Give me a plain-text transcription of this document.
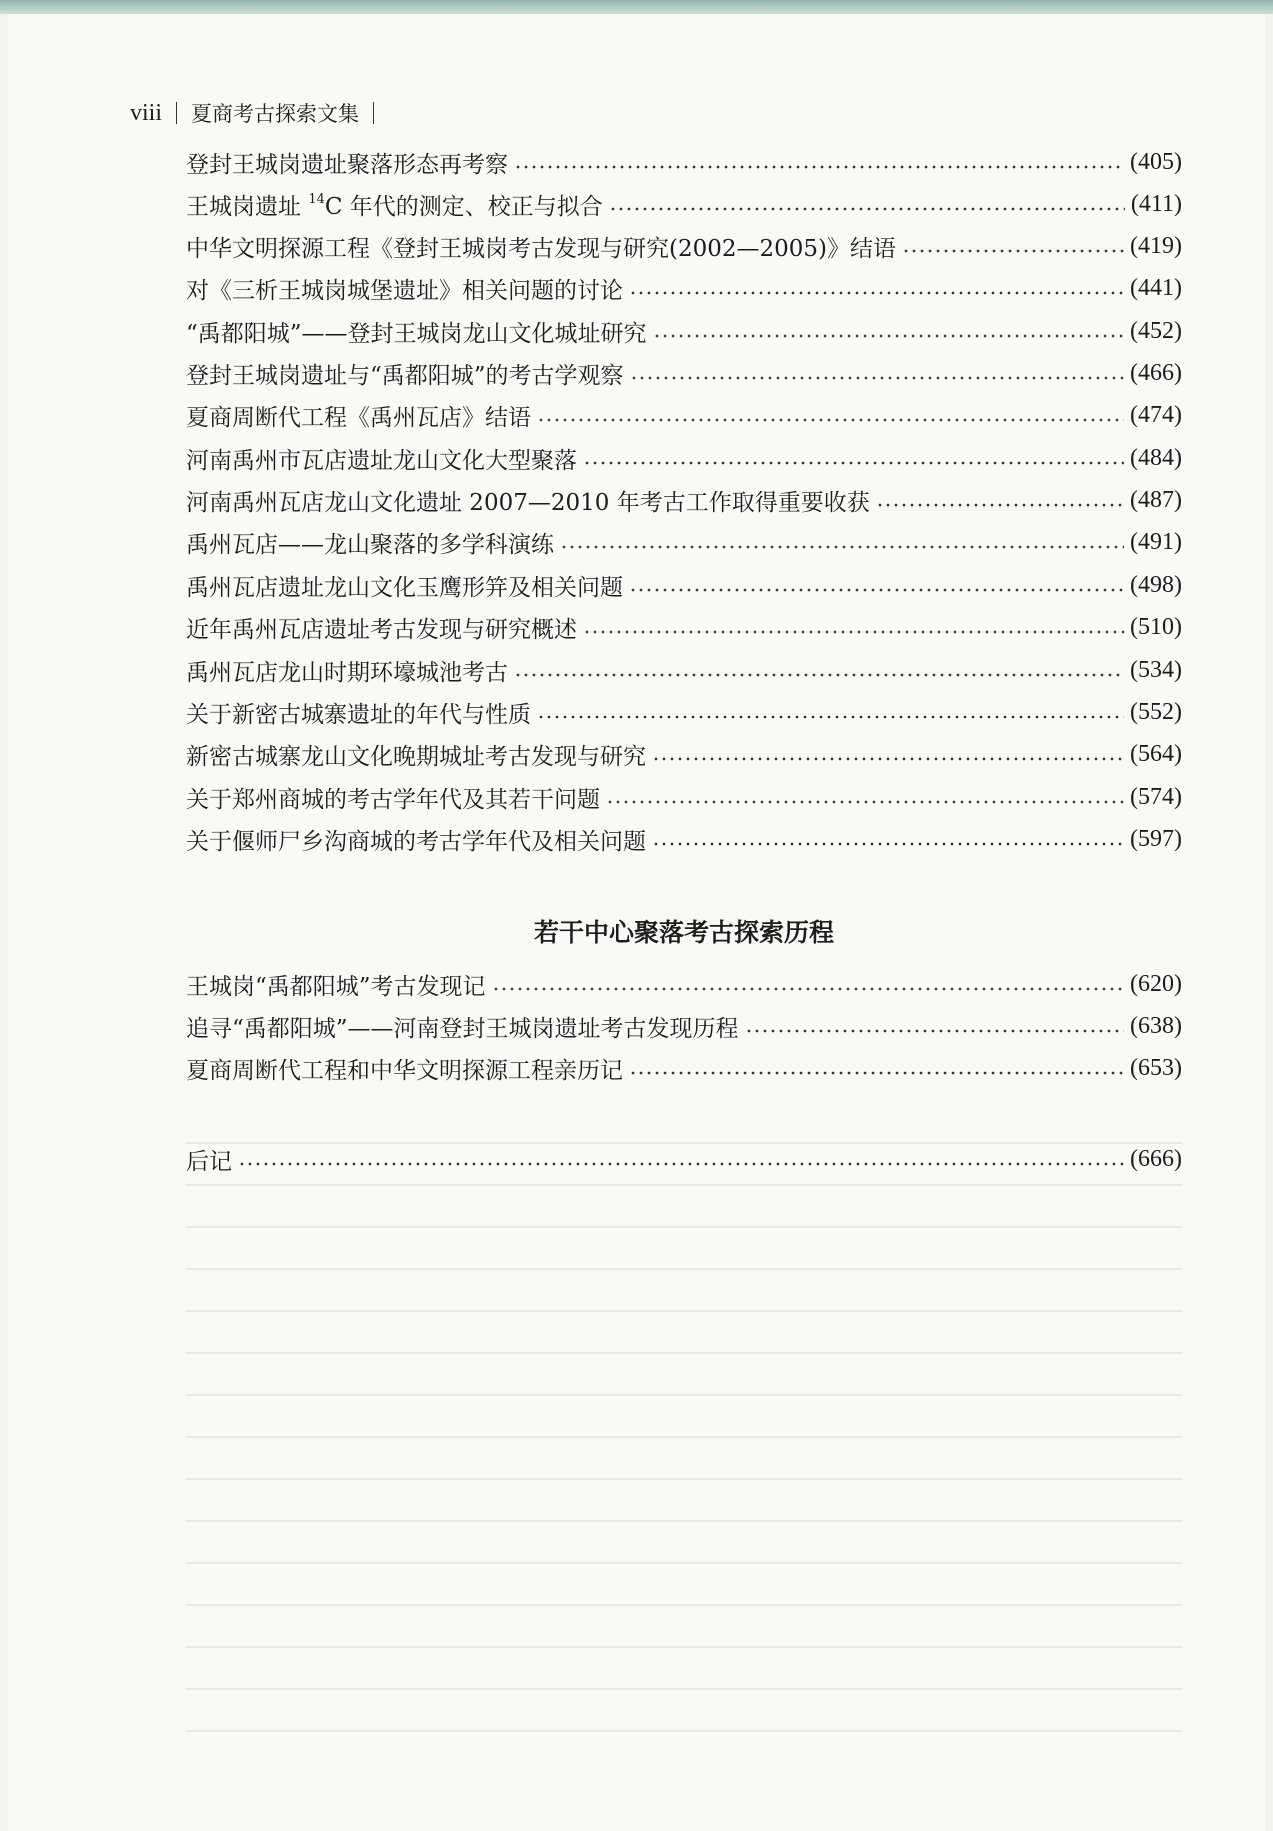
viii 夏商考古探索文集
登封王城岗遗址聚落形态再考察	(405)
王城岗遗址 $^{14}$C 年代的测定、校正与拟合	(411)
中华文明探源工程《登封王城岗考古发现与研究(2002—2005)》结语	(419)
对《三析王城岗城堡遗址》相关问题的讨论	(441)
“禹都阳城”——登封王城岗龙山文化城址研究	(452)
登封王城岗遗址与“禹都阳城”的考古学观察	(466)
夏商周断代工程《禹州瓦店》结语	(474)
河南禹州市瓦店遗址龙山文化大型聚落	(484)
河南禹州瓦店龙山文化遗址 2007—2010 年考古工作取得重要收获	(487)
禹州瓦店——龙山聚落的多学科演练	(491)
禹州瓦店遗址龙山文化玉鹰形笄及相关问题	(498)
近年禹州瓦店遗址考古发现与研究概述	(510)
禹州瓦店龙山时期环壕城池考古	(534)
关于新密古城寨遗址的年代与性质	(552)
新密古城寨龙山文化晚期城址考古发现与研究	(564)
关于郑州商城的考古学年代及其若干问题	(574)
关于偃师尸乡沟商城的考古学年代及相关问题	(597)
若干中心聚落考古探索历程
王城岗“禹都阳城”考古发现记	(620)
追寻“禹都阳城”——河南登封王城岗遗址考古发现历程	(638)
夏商周断代工程和中华文明探源工程亲历记	(653)
后记	(666)
